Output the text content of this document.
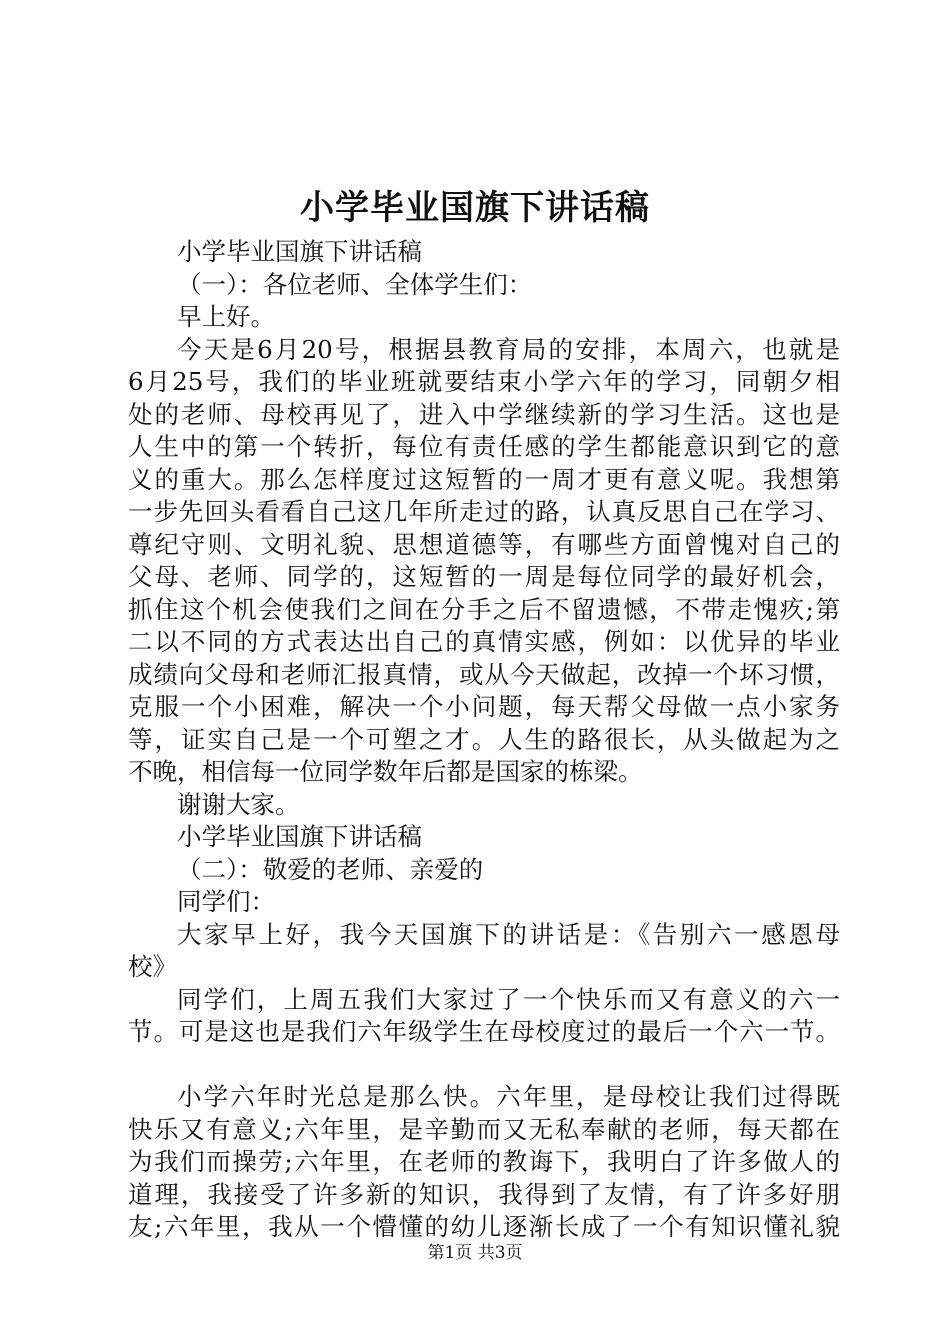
小学毕业国旗下讲话稿
小学毕业国旗下讲话稿
（一）：各位老师、全体学生们：
早上好。
今天是6月20号，根据县教育局的安排，本周六，也就是
6月25号，我们的毕业班就要结束小学六年的学习，同朝夕相
处的老师、母校再见了，进入中学继续新的学习生活。这也是
人生中的第一个转折，每位有责任感的学生都能意识到它的意
义的重大。那么怎样度过这短暂的一周才更有意义呢。我想第
一步先回头看看自己这几年所走过的路，认真反思自己在学习、
尊纪守则、文明礼貌、思想道德等，有哪些方面曾愧对自己的
父母、老师、同学的，这短暂的一周是每位同学的最好机会，
抓住这个机会使我们之间在分手之后不留遗憾，不带走愧疚;第
二以不同的方式表达出自己的真情实感，例如：以优异的毕业
成绩向父母和老师汇报真情，或从今天做起，改掉一个坏习惯，
克服一个小困难，解决一个小问题，每天帮父母做一点小家务
等，证实自己是一个可塑之才。人生的路很长，从头做起为之
不晚，相信每一位同学数年后都是国家的栋梁。
谢谢大家。
小学毕业国旗下讲话稿
（二）：敬爱的老师、亲爱的
同学们：
大家早上好，我今天国旗下的讲话是：《告别六一感恩母
校》
同学们，上周五我们大家过了一个快乐而又有意义的六一
节。可是这也是我们六年级学生在母校度过的最后一个六一节。
小学六年时光总是那么快。六年里，是母校让我们过得既
快乐又有意义;六年里，是辛勤而又无私奉献的老师，每天都在
为我们而操劳;六年里，在老师的教诲下，我明白了许多做人的
道理，我接受了许多新的知识，我得到了友情，有了许多好朋
友;六年里，我从一个懵懂的幼儿逐渐长成了一个有知识懂礼貌
第1页 共3页
